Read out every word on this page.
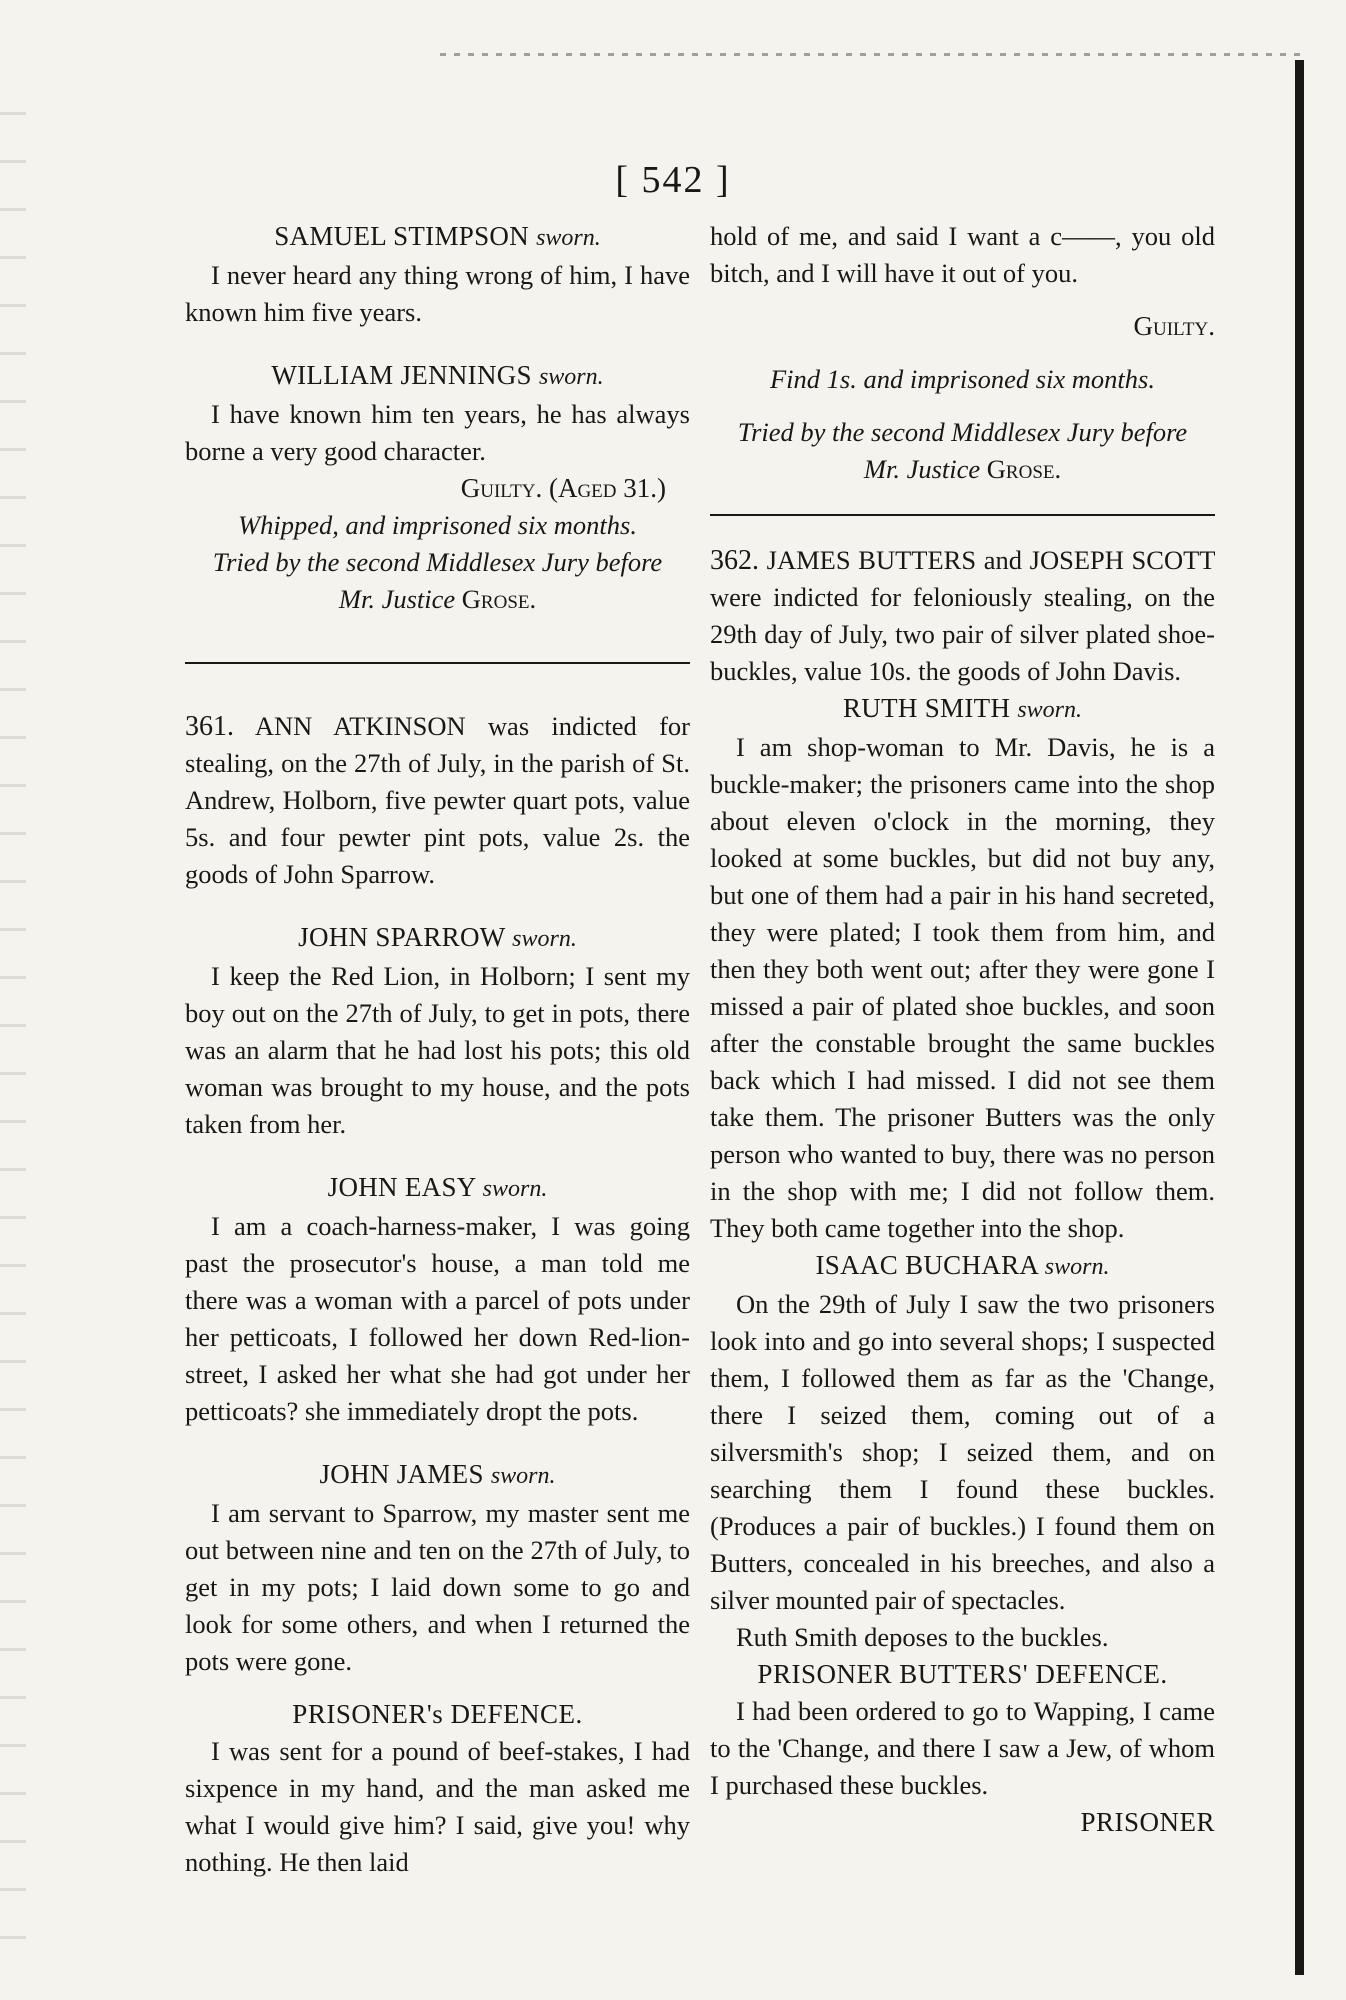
[ 542 ]

SAMUEL STIMPSON sworn.

I never heard any thing wrong of him, I have known him five years.

WILLIAM JENNINGS sworn.

I have known him ten years, he has always borne a very good character.

Guilty. (Aged 31.)

Whipped, and imprisoned six months.

Tried by the second Middlesex Jury before

Mr. Justice Grose.

361. ANN ATKINSON was indicted for stealing, on the 27th of July, in the parish of St. Andrew, Holborn, five pewter quart pots, value 5s. and four pewter pint pots, value 2s. the goods of John Sparrow.

JOHN SPARROW sworn.

I keep the Red Lion, in Holborn; I sent my boy out on the 27th of July, to get in pots, there was an alarm that he had lost his pots; this old woman was brought to my house, and the pots taken from her.

JOHN EASY sworn.

I am a coach-harness-maker, I was going past the prosecutor's house, a man told me there was a woman with a parcel of pots under her petticoats, I followed her down Red-lion-street, I asked her what she had got under her petticoats? she immediately dropt the pots.

JOHN JAMES sworn.

I am servant to Sparrow, my master sent me out between nine and ten on the 27th of July, to get in my pots; I laid down some to go and look for some others, and when I returned the pots were gone.

PRISONER's DEFENCE.

I was sent for a pound of beef-stakes, I had sixpence in my hand, and the man asked me what I would give him? I said, give you! why nothing. He then laid

hold of me, and said I want a c——, you old bitch, and I will have it out of you.

Guilty.

Find 1s. and imprisoned six months.

Tried by the second Middlesex Jury before

Mr. Justice Grose.

362. JAMES BUTTERS and JOSEPH SCOTT were indicted for feloniously stealing, on the 29th day of July, two pair of silver plated shoe-buckles, value 10s. the goods of John Davis.

RUTH SMITH sworn.

I am shop-woman to Mr. Davis, he is a buckle-maker; the prisoners came into the shop about eleven o'clock in the morning, they looked at some buckles, but did not buy any, but one of them had a pair in his hand secreted, they were plated; I took them from him, and then they both went out; after they were gone I missed a pair of plated shoe buckles, and soon after the constable brought the same buckles back which I had missed. I did not see them take them. The prisoner Butters was the only person who wanted to buy, there was no person in the shop with me; I did not follow them. They both came together into the shop.

ISAAC BUCHARA sworn.

On the 29th of July I saw the two prisoners look into and go into several shops; I suspected them, I followed them as far as the 'Change, there I seized them, coming out of a silversmith's shop; I seized them, and on searching them I found these buckles. (Produces a pair of buckles.) I found them on Butters, concealed in his breeches, and also a silver mounted pair of spectacles.

Ruth Smith deposes to the buckles.

PRISONER BUTTERS' DEFENCE.

I had been ordered to go to Wapping, I came to the 'Change, and there I saw a Jew, of whom I purchased these buckles.

PRISONER
